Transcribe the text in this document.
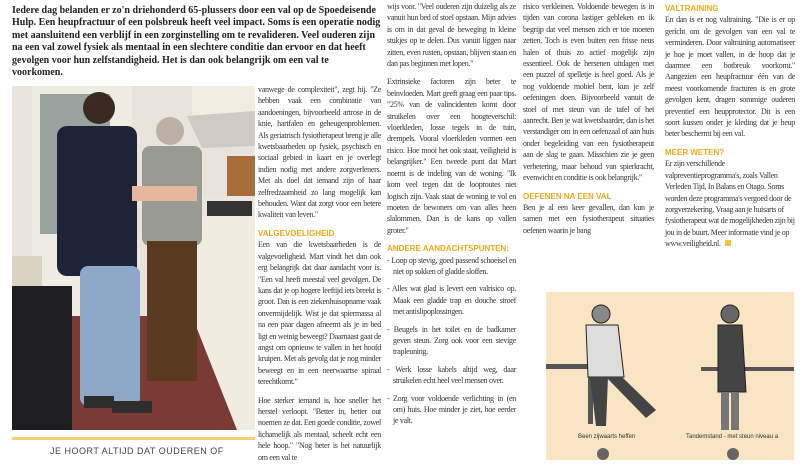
Iedere dag belanden er zo'n driehonderd 65-plussers door een val op de Spoedeisende Hulp. Een heupfractuur of een polsbreuk heeft veel impact. Soms is een operatie nodig met aansluitend een verblijf in een zorginstelling om te revalideren. Veel ouderen zijn na een val zowel fysiek als mentaal in een slechtere conditie dan ervoor en dat heeft gevolgen voor hun zelfstandigheid. Het is dan ook belangrijk om een val te voorkomen.
JE HOORT ALTIJD DAT OUDEREN OF

vanwege de complexiteit", zegt hij. "Ze hebben vaak een combinatie van aandoeningen, bijvoorbeeld artrose in de knie, hartfalen en geheugenproblemen. Als geriatrisch fysiotherapeut breng je alle kwetsbaarheden op fysiek, psychisch en sociaal gebied in kaart en je overlegt indien nodig met andere zorgverleners. Met als doel dat iemand zijn of haar zelfredzaamheid zo lang mogelijk kan behouden. Want dat zorgt voor een betere kwaliteit van leven."

VALGEVOELIGHEID

Een van die kwetsbaarheden is de valgevoeligheid. Mart vindt het dan ook erg belangrijk dat daar aandacht voor is. "Een val heeft meestal veel gevolgen. De kans dat je op hogere leeftijd iets breekt is groot. Dan is een ziekenhuisopname vaak onvermijdelijk. Wist je dat spiermassa al na een paar dagen afneemt als je in bed ligt en weinig beweegt? Daarnaast gaat de angst om opnieuw te vallen in het hoofd kruipen. Met als gevolg dat je nog minder beweegt en in een neerwaartse spiraal terechtkomt."

Hoe sterker iemand is, hoe sneller het herstel verloopt. "Better in, better out noemen ze dat. Een goede conditie, zowel lichamelijk als mentaal, scheelt echt een hele hoop." "Nog beter is het natuurlijk om een val te

wijs voor. "Veel ouderen zijn duizelig als ze vanuit hun bed of stoel opstaan. Mijn advies is om in dat geval de beweging in kleine stukjes op te delen. Dus vanuit liggen naar zitten, even rusten, opstaan, blijven staan en dan pas beginnen met lopen."

Extrinsieke factoren zijn beter te beïnvloeden. Mart geeft graag een paar tips. "25% van de valincidenten komt door struikelen over een hoogteverschil: vloerkleden, losse tegels in de tuin, drempels. Vooral vloerkleden vormen een risico. Hoe mooi het ook staat, veiligheid is belangrijker." Een tweede punt dat Mart noemt is de indeling van de woning. "Ik kom veel tegen dat de looproutes niet logisch zijn. Vaak staat de woning te vol en moeten de bewoners om van alles heen slalommen. Dan is de kans op vallen groter."

ANDERE AANDACHTSPUNTEN:
- Loop op stevig, goed passend schoeisel en niet op sokken of gladde sloffen.
- Alles wat glad is levert een valrisico op. Maak een gladde trap en douche stroef met antislipoplossingen.
- Beugels in het toilet en de badkamer geven steun. Zorg ook voor een stevige trapleuning.
- Werk losse kabels altijd weg, daar struikelen echt heel veel mensen over.
- Zorg voor voldoende verlichting in (en om) huis. Hoe minder je ziet, hoe eerder je valt.

risico verkleinen. Voldoende bewegen is in tijden van corona lastiger gebleken en ik begrijp dat veel mensen zich er toe moeten zetten. Toch is even buiten een frisse neus halen of thuis zo actief mogelijk zijn essentieel. Ook de hersenen uitdagen met een puzzel of spelletje is heel goed. Als je nog voldoende mobiel bent, kun je zelf oefeningen doen. Bijvoorbeeld vanuit de stoel of met steun van de tafel of het aanrecht. Ben je wat kwetsbaarder, dan is het verstandiger om in een oefenzaal of aan huis onder begeleiding van een fysiotherapeut aan de slag te gaan. Misschien zie je geen verbetering, maar behoud van spierkracht, evenwicht en conditie is ook belangrijk."

OEFENEN NA EEN VAL

Ben je al een keer gevallen, dan kun je samen met een fysiotherapeut situaties oefenen waarin je bang

VALTRAINING

En dan is er nog valtraining. "Die is er op gericht om de gevolgen van een val te verminderen. Door valtraining automatiseer je hoe je moet vallen, in de hoop dat je daarmee een botbreuk voorkomt." Aangezien een heupfractuur één van de meest voorkomende fracturen is en grote gevolgen kent, dragen sommige ouderen preventief een heupprotector. Dit is een soort kussen onder je kleding dat je heup beter beschermt bij een val.

MEER WETEN?

Er zijn verschillende valpreventieprogramma's, zoals Vallen Verleden Tijd, In Balans en Otago. Soms worden deze programma's vergoed door de zorgverzekering. Vraag aan je huisarts of fysiotherapeut wat de mogelijkheden zijn bij jou in de buurt. Meer informatie vind je op www.veiligheid.nl.

Been zijwaarts heffen	Tandemstand - met steun niveau a
